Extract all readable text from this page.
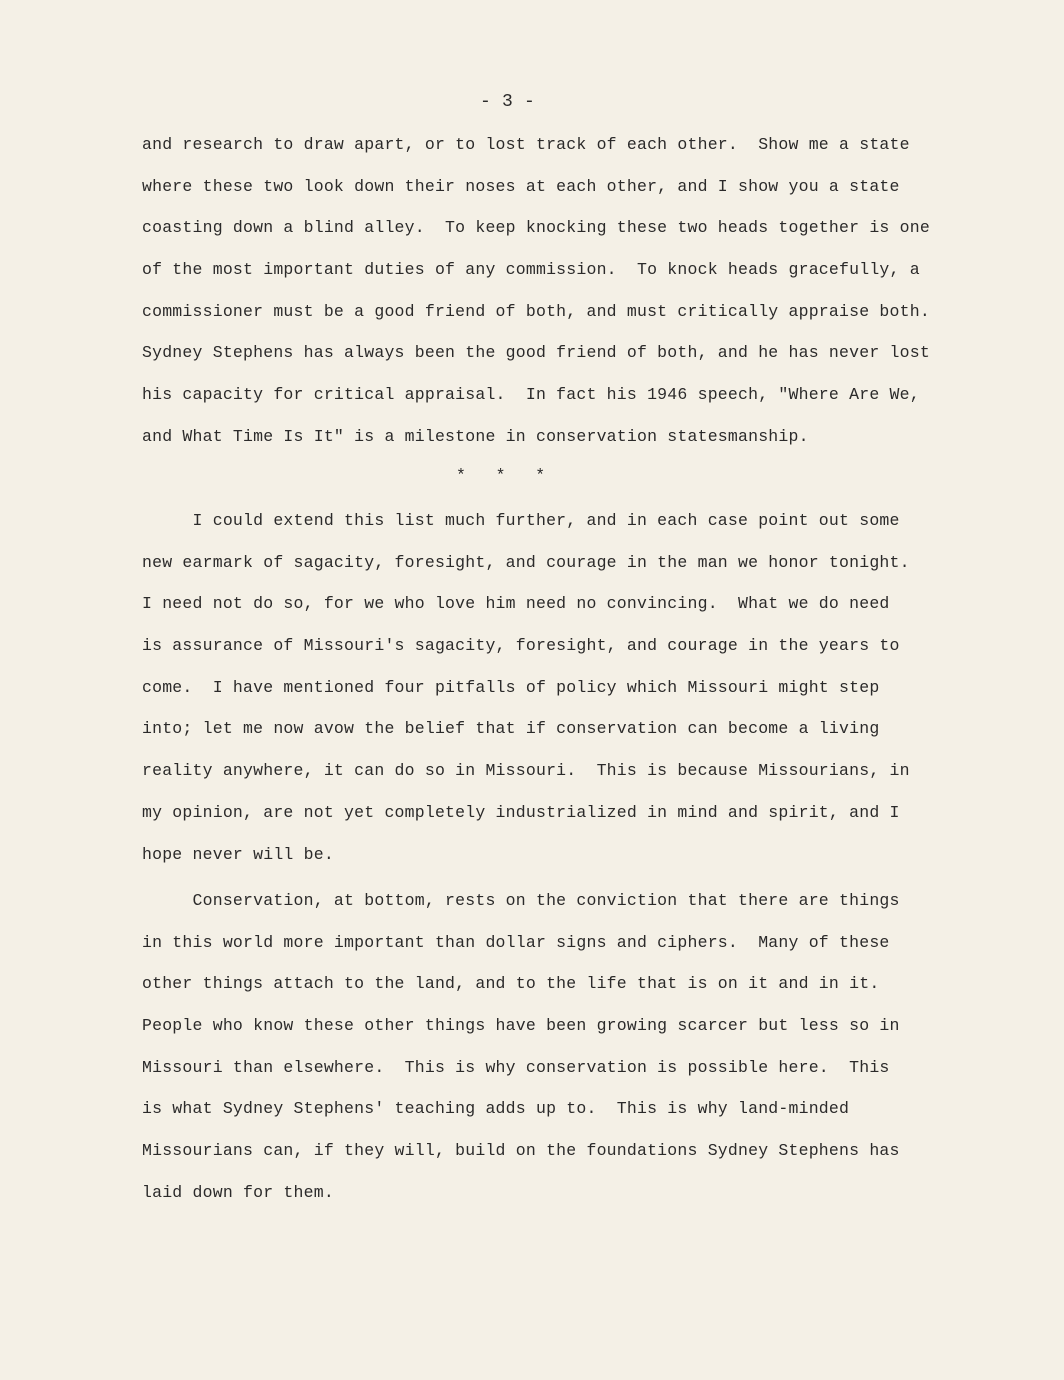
- 3 -
and research to draw apart, or to lost track of each other.  Show me a state
where these two look down their noses at each other, and I show you a state
coasting down a blind alley.  To keep knocking these two heads together is one
of the most important duties of any commission.  To knock heads gracefully, a
commissioner must be a good friend of both, and must critically appraise both.
Sydney Stephens has always been the good friend of both, and he has never lost
his capacity for critical appraisal.  In fact his 1946 speech, "Where Are We,
and What Time Is It" is a milestone in conservation statesmanship.
*   *   *
I could extend this list much further, and in each case point out some
new earmark of sagacity, foresight, and courage in the man we honor tonight.
I need not do so, for we who love him need no convincing.  What we do need
is assurance of Missouri's sagacity, foresight, and courage in the years to
come.  I have mentioned four pitfalls of policy which Missouri might step
into; let me now avow the belief that if conservation can become a living
reality anywhere, it can do so in Missouri.  This is because Missourians, in
my opinion, are not yet completely industrialized in mind and spirit, and I
hope never will be.
Conservation, at bottom, rests on the conviction that there are things
in this world more important than dollar signs and ciphers.  Many of these
other things attach to the land, and to the life that is on it and in it.
People who know these other things have been growing scarcer but less so in
Missouri than elsewhere.  This is why conservation is possible here.  This
is what Sydney Stephens' teaching adds up to.  This is why land-minded
Missourians can, if they will, build on the foundations Sydney Stephens has
laid down for them.
